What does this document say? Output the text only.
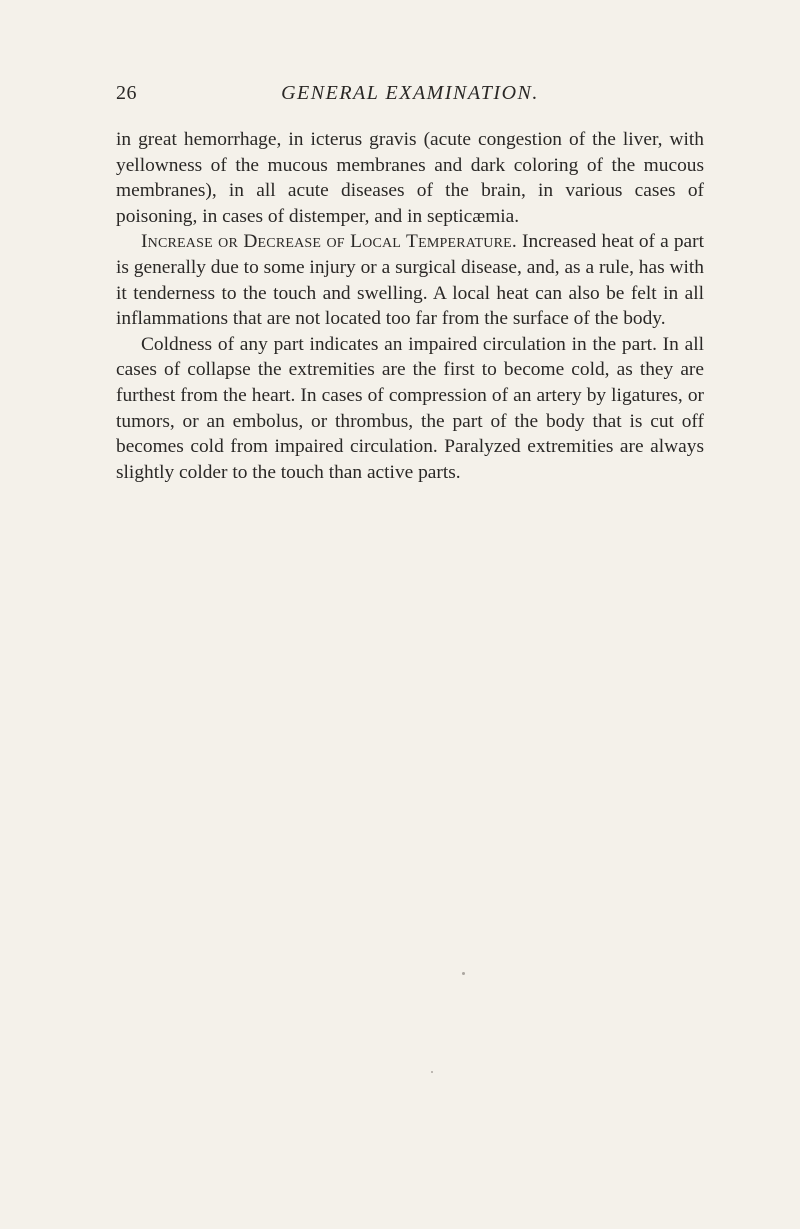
26	GENERAL EXAMINATION.

in great hemorrhage, in icterus gravis (acute congestion of the liver, with yellowness of the mucous membranes and dark coloring of the mucous membranes), in all acute diseases of the brain, in various cases of poisoning, in cases of distemper, and in septicæmia.

Increase or Decrease of Local Temperature. Increased heat of a part is generally due to some injury or a surgical disease, and, as a rule, has with it tenderness to the touch and swelling. A local heat can also be felt in all inflammations that are not located too far from the surface of the body.

Coldness of any part indicates an impaired circulation in the part. In all cases of collapse the extremities are the first to become cold, as they are furthest from the heart. In cases of compression of an artery by ligatures, or tumors, or an embolus, or thrombus, the part of the body that is cut off becomes cold from impaired circulation. Paralyzed extremities are always slightly colder to the touch than active parts.
